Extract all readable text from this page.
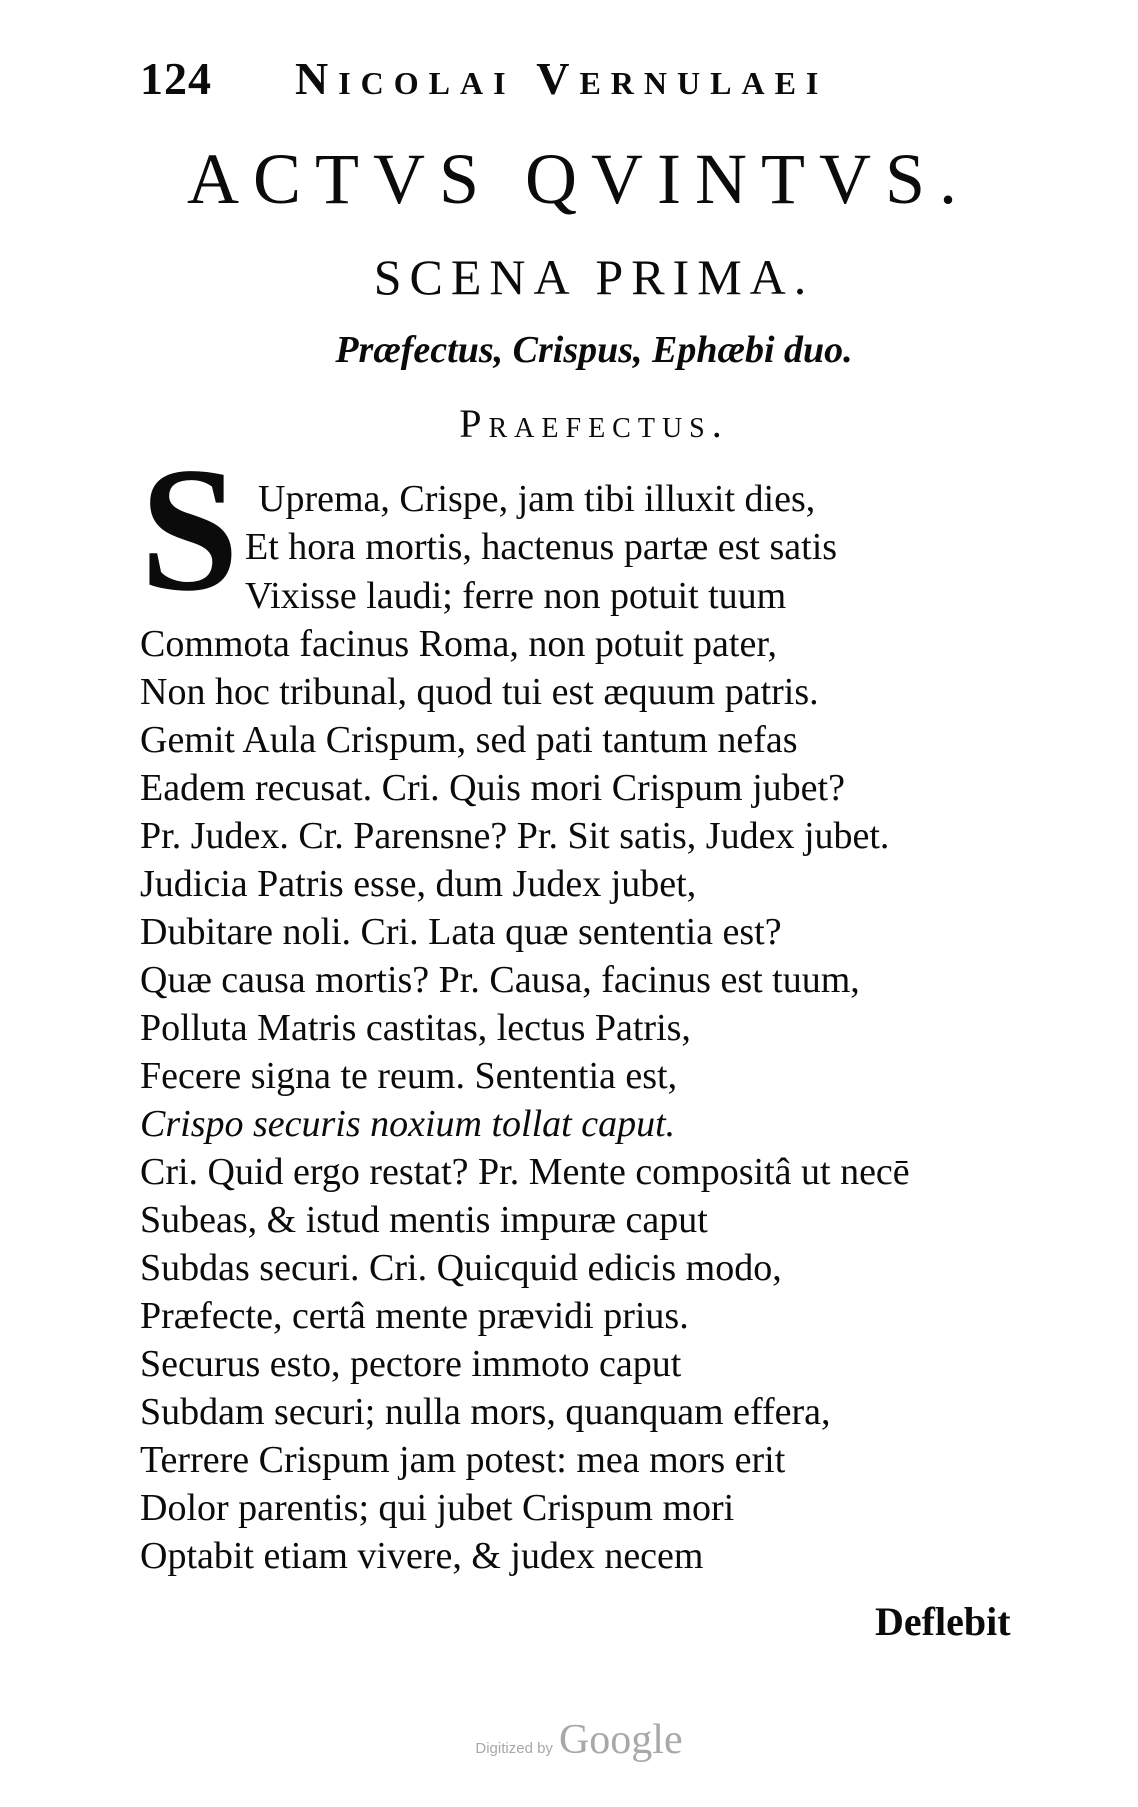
124 Nicolai Vernulaei
ACTVS QVINTVS.
SCENA PRIMA.
Præfectus, Crispus, Ephæbi duo.
Praefectus.
S Uprema, Crispe, jam tibi illuxit dies,
Et hora mortis, hactenus partæ est satis
Vixisse laudi; ferre non potuit tuum
Commota facinus Roma, non potuit pater,
Non hoc tribunal, quod tui est æquum patris.
Gemit Aula Crispum, sed pati tantum nefas
Eadem recusat. Cri. Quis mori Crispum jubet?
Pr. Judex. Cr. Parensne? Pr. Sit satis, Judex jubet.
Judicia Patris esse, dum Judex jubet,
Dubitare noli. Cri. Lata quæ sententia est?
Quæ causa mortis? Pr. Causa, facinus est tuum,
Polluta Matris castitas, lectus Patris,
Fecere signa te reum. Sententia est,
Crispo securis noxium tollat caput.
Cri. Quid ergo restat? Pr. Mente compositâ ut necē
Subeas, & istud mentis impuræ caput
Subdas securi. Cri. Quicquid edicis modo,
Præfecte, certâ mente prævidi prius.
Securus esto, pectore immoto caput
Subdam securi; nulla mors, quanquam effera,
Terrere Crispum jam potest: mea mors erit
Dolor parentis; qui jubet Crispum mori
Optabit etiam vivere, & judex necem
Deflebit
Digitized by Google
